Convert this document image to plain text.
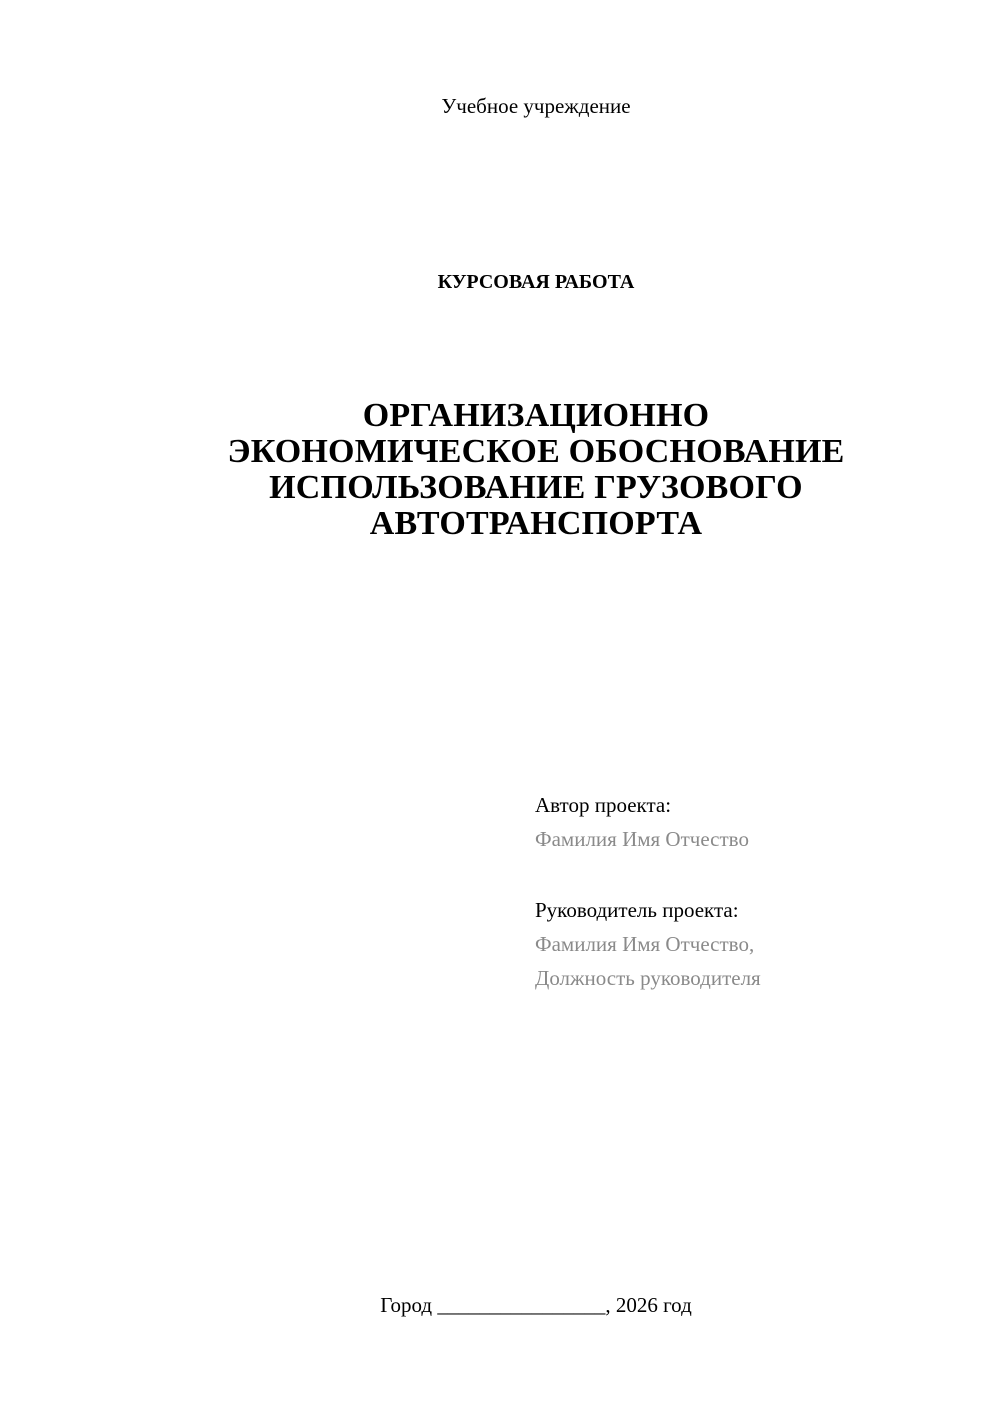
Учебное учреждение
КУРСОВАЯ РАБОТА
ОРГАНИЗАЦИОННО
ЭКОНОМИЧЕСКОЕ ОБОСНОВАНИЕ
ИСПОЛЬЗОВАНИЕ ГРУЗОВОГО
АВТОТРАНСПОРТА
Автор проекта:
Фамилия Имя Отчество
Руководитель проекта:
Фамилия Имя Отчество,
Должность руководителя
Город ________________, 2026 год
